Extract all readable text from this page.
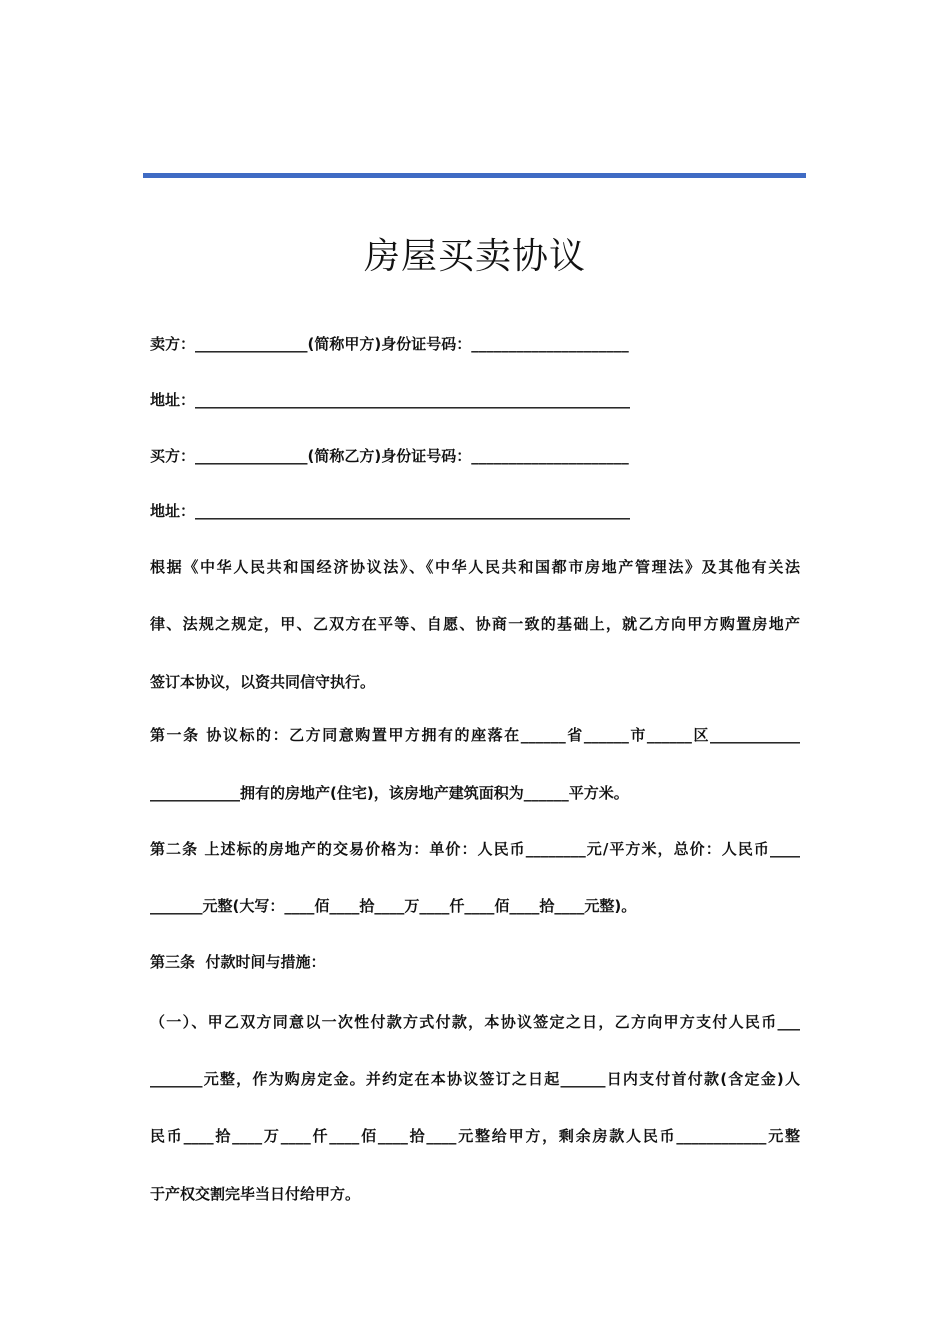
房屋买卖协议
卖方：_______________(简称甲方)身份证号码：_____________________
地址：__________________________________________________________
买方：_______________(简称乙方)身份证号码：_____________________
地址：__________________________________________________________
根据《中华人民共和国经济协议法》、《中华人民共和国都市房地产管理法》及其他有关法
律、法规之规定，甲、乙双方在平等、自愿、协商一致的基础上，就乙方向甲方购置房地产
签订本协议，以资共同信守执行。
第一条 协议标的：乙方同意购置甲方拥有的座落在______省______市______区____________
____________拥有的房地产(住宅)，该房地产建筑面积为______平方米。
第二条 上述标的房地产的交易价格为：单价：人民币________元/平方米，总价：人民币____
_______元整(大写：____佰____拾____万____仟____佰____拾____元整)。
第三条  付款时间与措施：
（一）、甲乙双方同意以一次性付款方式付款，本协议签定之日，乙方向甲方支付人民币___
_______元整，作为购房定金。并约定在本协议签订之日起______日内支付首付款(含定金)人
民币____拾____万____仟____佰____拾____元整给甲方，剩余房款人民币____________元整
于产权交割完毕当日付给甲方。
